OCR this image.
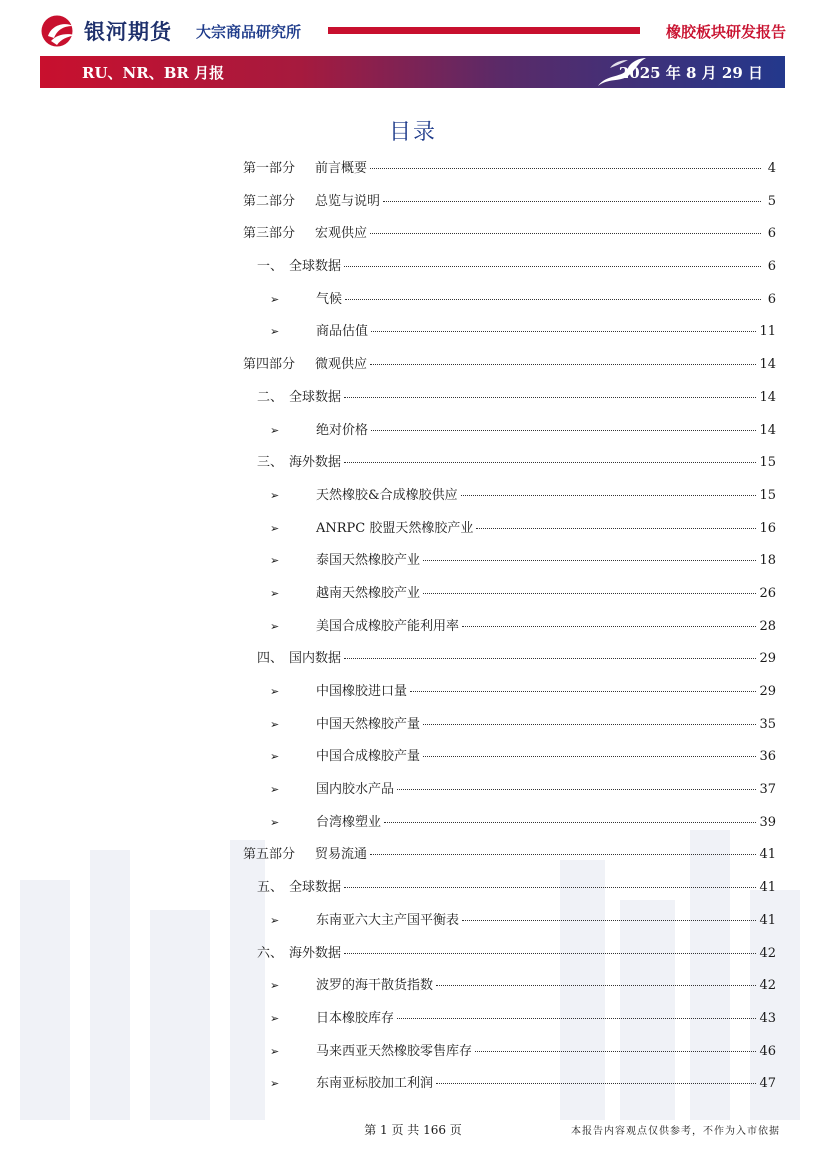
银河期货 大宗商品研究所	橡胶板块研发报告
RU、NR、BR 月报	2025 年 8 月 29 日
目录
第一部分	前言概要	4
第二部分	总览与说明	5
第三部分	宏观供应	6
一、 全球数据	6
➢	气候	6
➢	商品估值	11
第四部分	微观供应	14
二、 全球数据	14
➢	绝对价格	14
三、 海外数据	15
➢	天然橡胶&合成橡胶供应	15
➢	ANRPC 胶盟天然橡胶产业	16
➢	泰国天然橡胶产业	18
➢	越南天然橡胶产业	26
➢	美国合成橡胶产能利用率	28
四、 国内数据	29
➢	中国橡胶进口量	29
➢	中国天然橡胶产量	35
➢	中国合成橡胶产量	36
➢	国内胶水产品	37
➢	台湾橡塑业	39
第五部分	贸易流通	41
五、 全球数据	41
➢	东南亚六大主产国平衡表	41
六、 海外数据	42
➢	波罗的海干散货指数	42
➢	日本橡胶库存	43
➢	马来西亚天然橡胶零售库存	46
➢	东南亚标胶加工利润	47
第 1 页 共 166 页	本报告内容观点仅供参考，不作为入市依据
